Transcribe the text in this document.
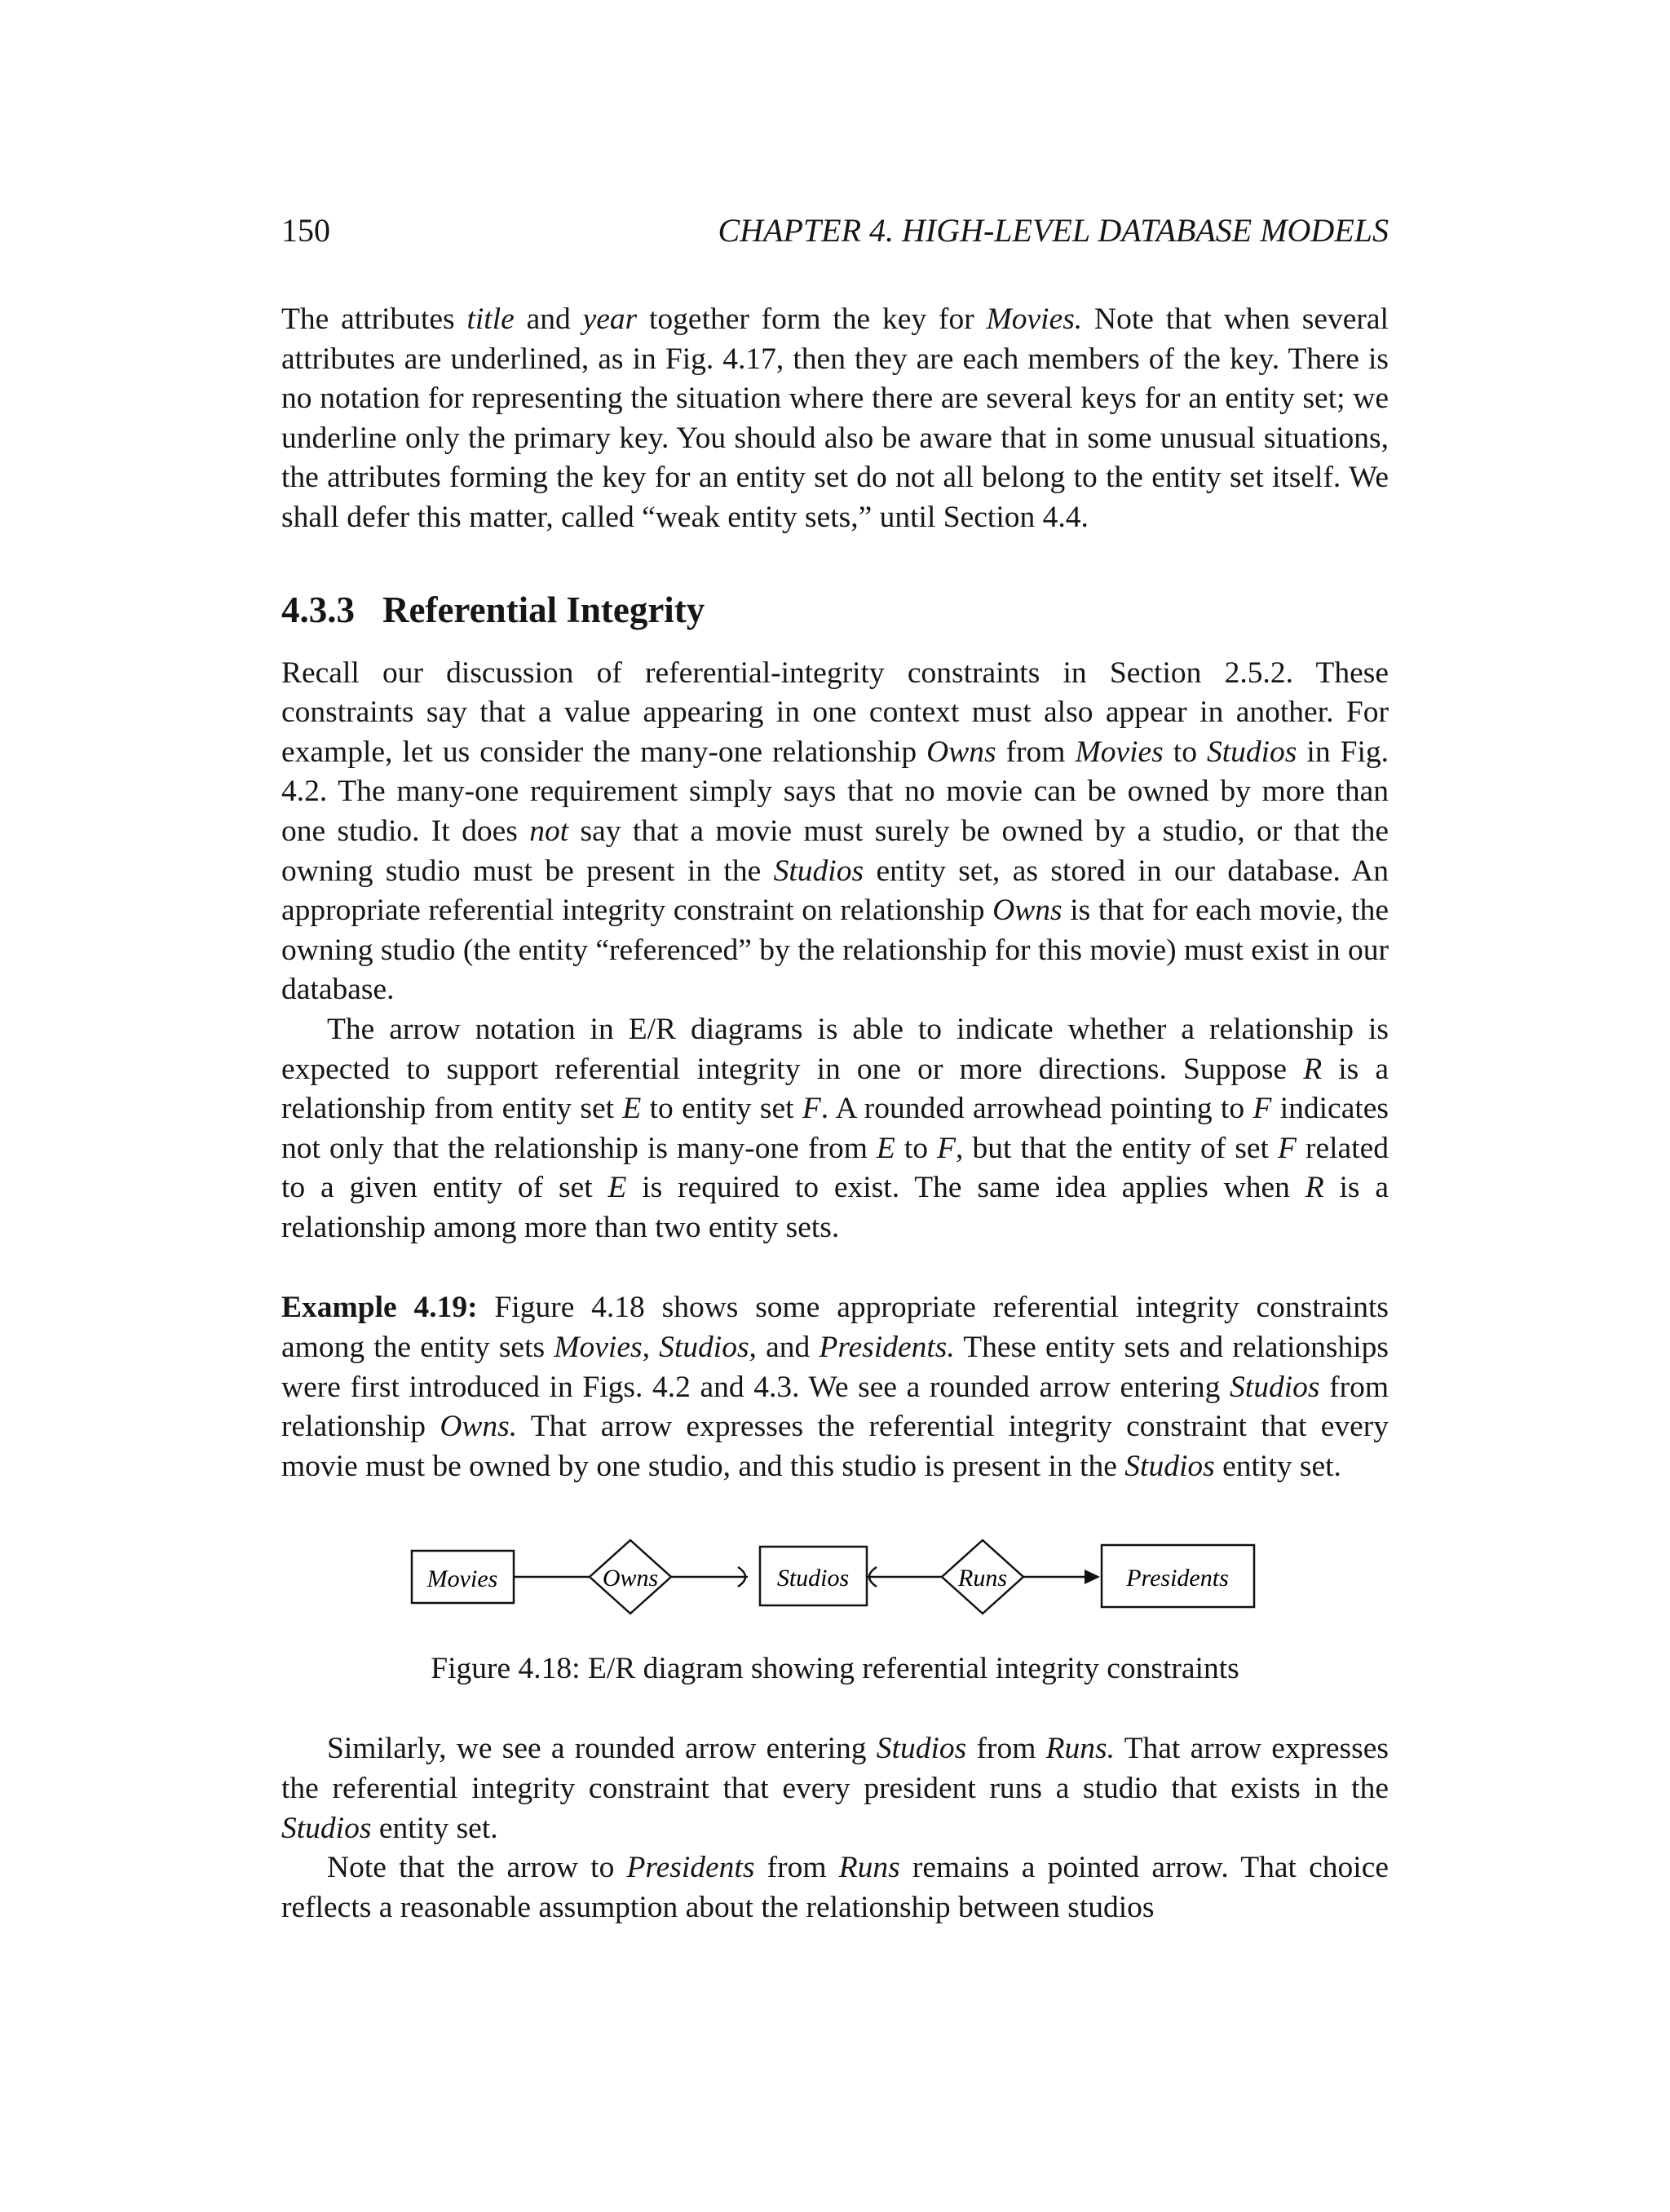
150	CHAPTER 4. HIGH-LEVEL DATABASE MODELS

The attributes title and year together form the key for Movies. Note that when several attributes are underlined, as in Fig. 4.17, then they are each members of the key. There is no notation for representing the situation where there are several keys for an entity set; we underline only the primary key. You should also be aware that in some unusual situations, the attributes forming the key for an entity set do not all belong to the entity set itself. We shall defer this matter, called “weak entity sets,” until Section 4.4.

4.3.3 Referential Integrity

Recall our discussion of referential-integrity constraints in Section 2.5.2. These constraints say that a value appearing in one context must also appear in another. For example, let us consider the many-one relationship Owns from Movies to Studios in Fig. 4.2. The many-one requirement simply says that no movie can be owned by more than one studio. It does not say that a movie must surely be owned by a studio, or that the owning studio must be present in the Studios entity set, as stored in our database. An appropriate referential integrity constraint on relationship Owns is that for each movie, the owning studio (the entity “referenced” by the relationship for this movie) must exist in our database.

The arrow notation in E/R diagrams is able to indicate whether a relationship is expected to support referential integrity in one or more directions. Suppose R is a relationship from entity set E to entity set F. A rounded arrowhead pointing to F indicates not only that the relationship is many-one from E to F, but that the entity of set F related to a given entity of set E is required to exist. The same idea applies when R is a relationship among more than two entity sets.

Example 4.19: Figure 4.18 shows some appropriate referential integrity constraints among the entity sets Movies, Studios, and Presidents. These entity sets and relationships were first introduced in Figs. 4.2 and 4.3. We see a rounded arrow entering Studios from relationship Owns. That arrow expresses the referential integrity constraint that every movie must be owned by one studio, and this studio is present in the Studios entity set.

Movies	Owns	Studios	Runs	Presidents
Figure 4.18: E/R diagram showing referential integrity constraints

Similarly, we see a rounded arrow entering Studios from Runs. That arrow expresses the referential integrity constraint that every president runs a studio that exists in the Studios entity set.

Note that the arrow to Presidents from Runs remains a pointed arrow. That choice reflects a reasonable assumption about the relationship between studios
